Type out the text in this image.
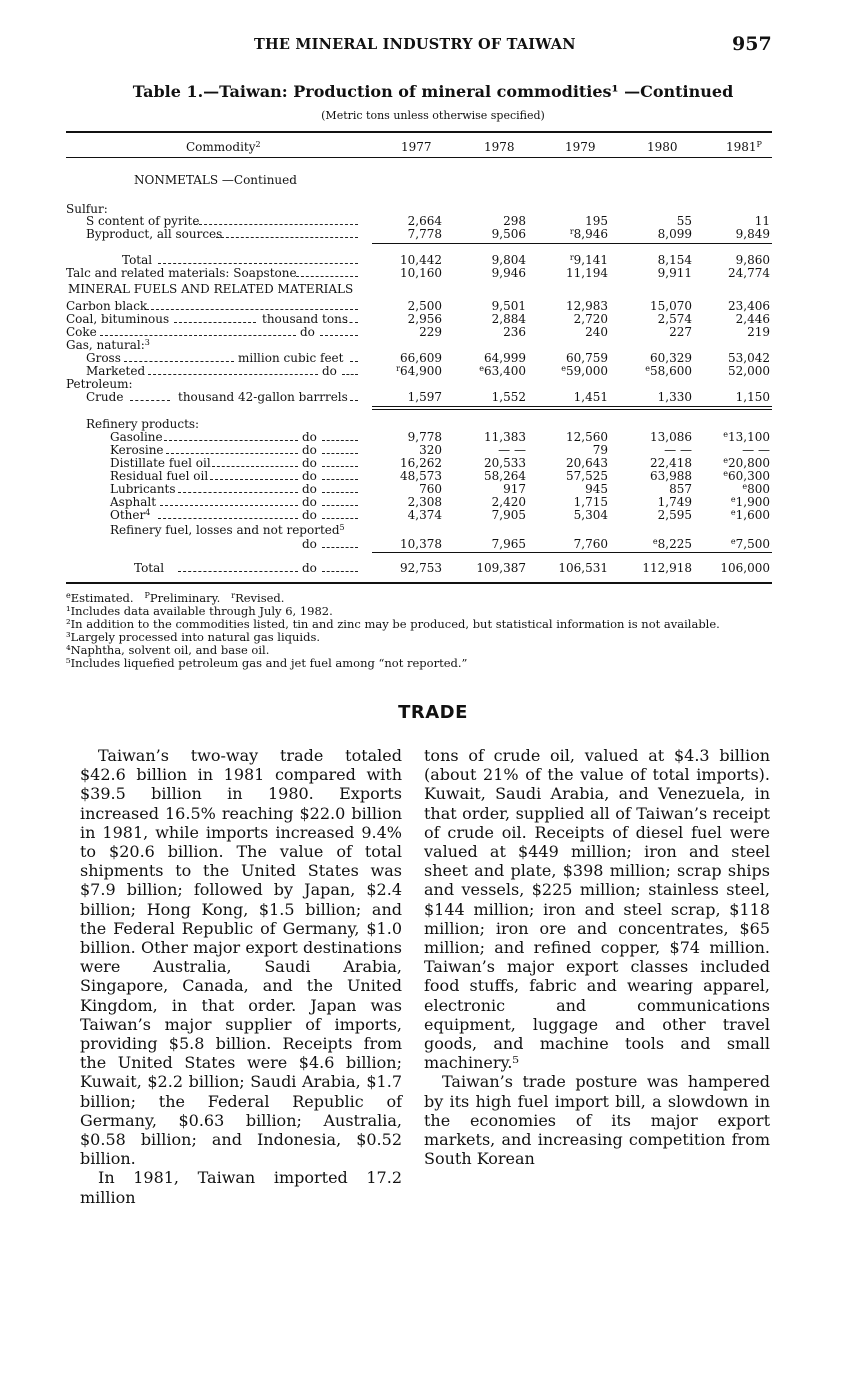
THE MINERAL INDUSTRY OF TAIWAN	957
Table 1.—Taiwan: Production of mineral commodities¹ —Continued
(Metric tons unless otherwise specified)
Commodity$^2$	1977	1978	1979	1980	$1981^P$
NONMETALS —Continued
Sulfur:
S content of pyrite	2,664	298	195	55	11
Byproduct, all sources	7,778	9,506	$^r$8,946	8,099	9,849
Total	10,442	9,804	$^r$9,141	8,154	9,860
Talc and related materials: Soapstone	10,160	9,946	11,194	9,911	24,774
MINERAL FUELS AND RELATED MATERIALS
Carbon black	2,500	9,501	12,983	15,070	23,406
Coal, bituminous	thousand tons	2,956	2,884	2,720	2,574	2,446
Coke	do	229	236	240	227	219
Gas, natural:$^3$
Gross	million cubic feet	66,609	64,999	60,759	60,329	53,042
Marketed	do	$^r$64,900	$^e$63,400	$^e$59,000	$^e$58,600	52,000
Petroleum:
Crude	thousand 42-gallon barrrels	1,597	1,552	1,451	1,330	1,150
Refinery products:
Gasoline	do	9,778	11,383	12,560	13,086	$^e$13,100
Kerosine	do	320	— —	79	— —	— —
Distillate fuel oil	do	16,262	20,533	20,643	22,418	$^e$20,800
Residual fuel oil	do	48,573	58,264	57,525	63,988	$^e$60,300
Lubricants	do	760	917	945	857	$^e$800
Asphalt	do	2,308	2,420	1,715	1,749	$^e$1,900
Other$^4$	do	4,374	7,905	5,304	2,595	$^e$1,600
Refinery fuel, losses and not reported$^5$
do	10,378	7,965	7,760	$^e$8,225	$^e$7,500
Total	do	92,753	109,387	106,531	112,918	106,000
$^e$Estimated.   $^P$Preliminary.   $^r$Revised.
¹Includes data available through July 6, 1982.
²In addition to the commodities listed, tin and zinc may be produced, but statistical information is not available.
³Largely processed into natural gas liquids.
⁴Naphtha, solvent oil, and base oil.
⁵Includes liquefied petroleum gas and jet fuel among “not reported.”
TRADE

Taiwan’s two-way trade totaled $42.6 billion in 1981 compared with $39.5 billion in 1980. Exports increased 16.5% reaching $22.0 billion in 1981, while imports increased 9.4% to $20.6 billion. The value of total shipments to the United States was $7.9 billion; followed by Japan, $2.4 billion; Hong Kong, $1.5 billion; and the Federal Republic of Germany, $1.0 billion. Other major export destinations were Australia, Saudi Arabia, Singapore, Canada, and the United Kingdom, in that order. Japan was Taiwan’s major supplier of imports, providing $5.8 billion. Receipts from the United States were $4.6 billion; Kuwait, $2.2 billion; Saudi Arabia, $1.7 billion; the Federal Republic of Germany, $0.63 billion; Australia, $0.58 billion; and Indonesia, $0.52 billion.

In 1981, Taiwan imported 17.2 million

tons of crude oil, valued at $4.3 billion (about 21% of the value of total imports). Kuwait, Saudi Arabia, and Venezuela, in that order, supplied all of Taiwan’s receipt of crude oil. Receipts of diesel fuel were valued at $449 million; iron and steel sheet and plate, $398 million; scrap ships and vessels, $225 million; stainless steel, $144 million; iron and steel scrap, $118 million; iron ore and concentrates, $65 million; and refined copper, $74 million. Taiwan’s major export classes included food stuffs, fabric and wearing apparel, electronic and communications equipment, luggage and other travel goods, and machine tools and small machinery.⁵

Taiwan’s trade posture was hampered by its high fuel import bill, a slowdown in the economies of its major export markets, and increasing competition from South Korean
